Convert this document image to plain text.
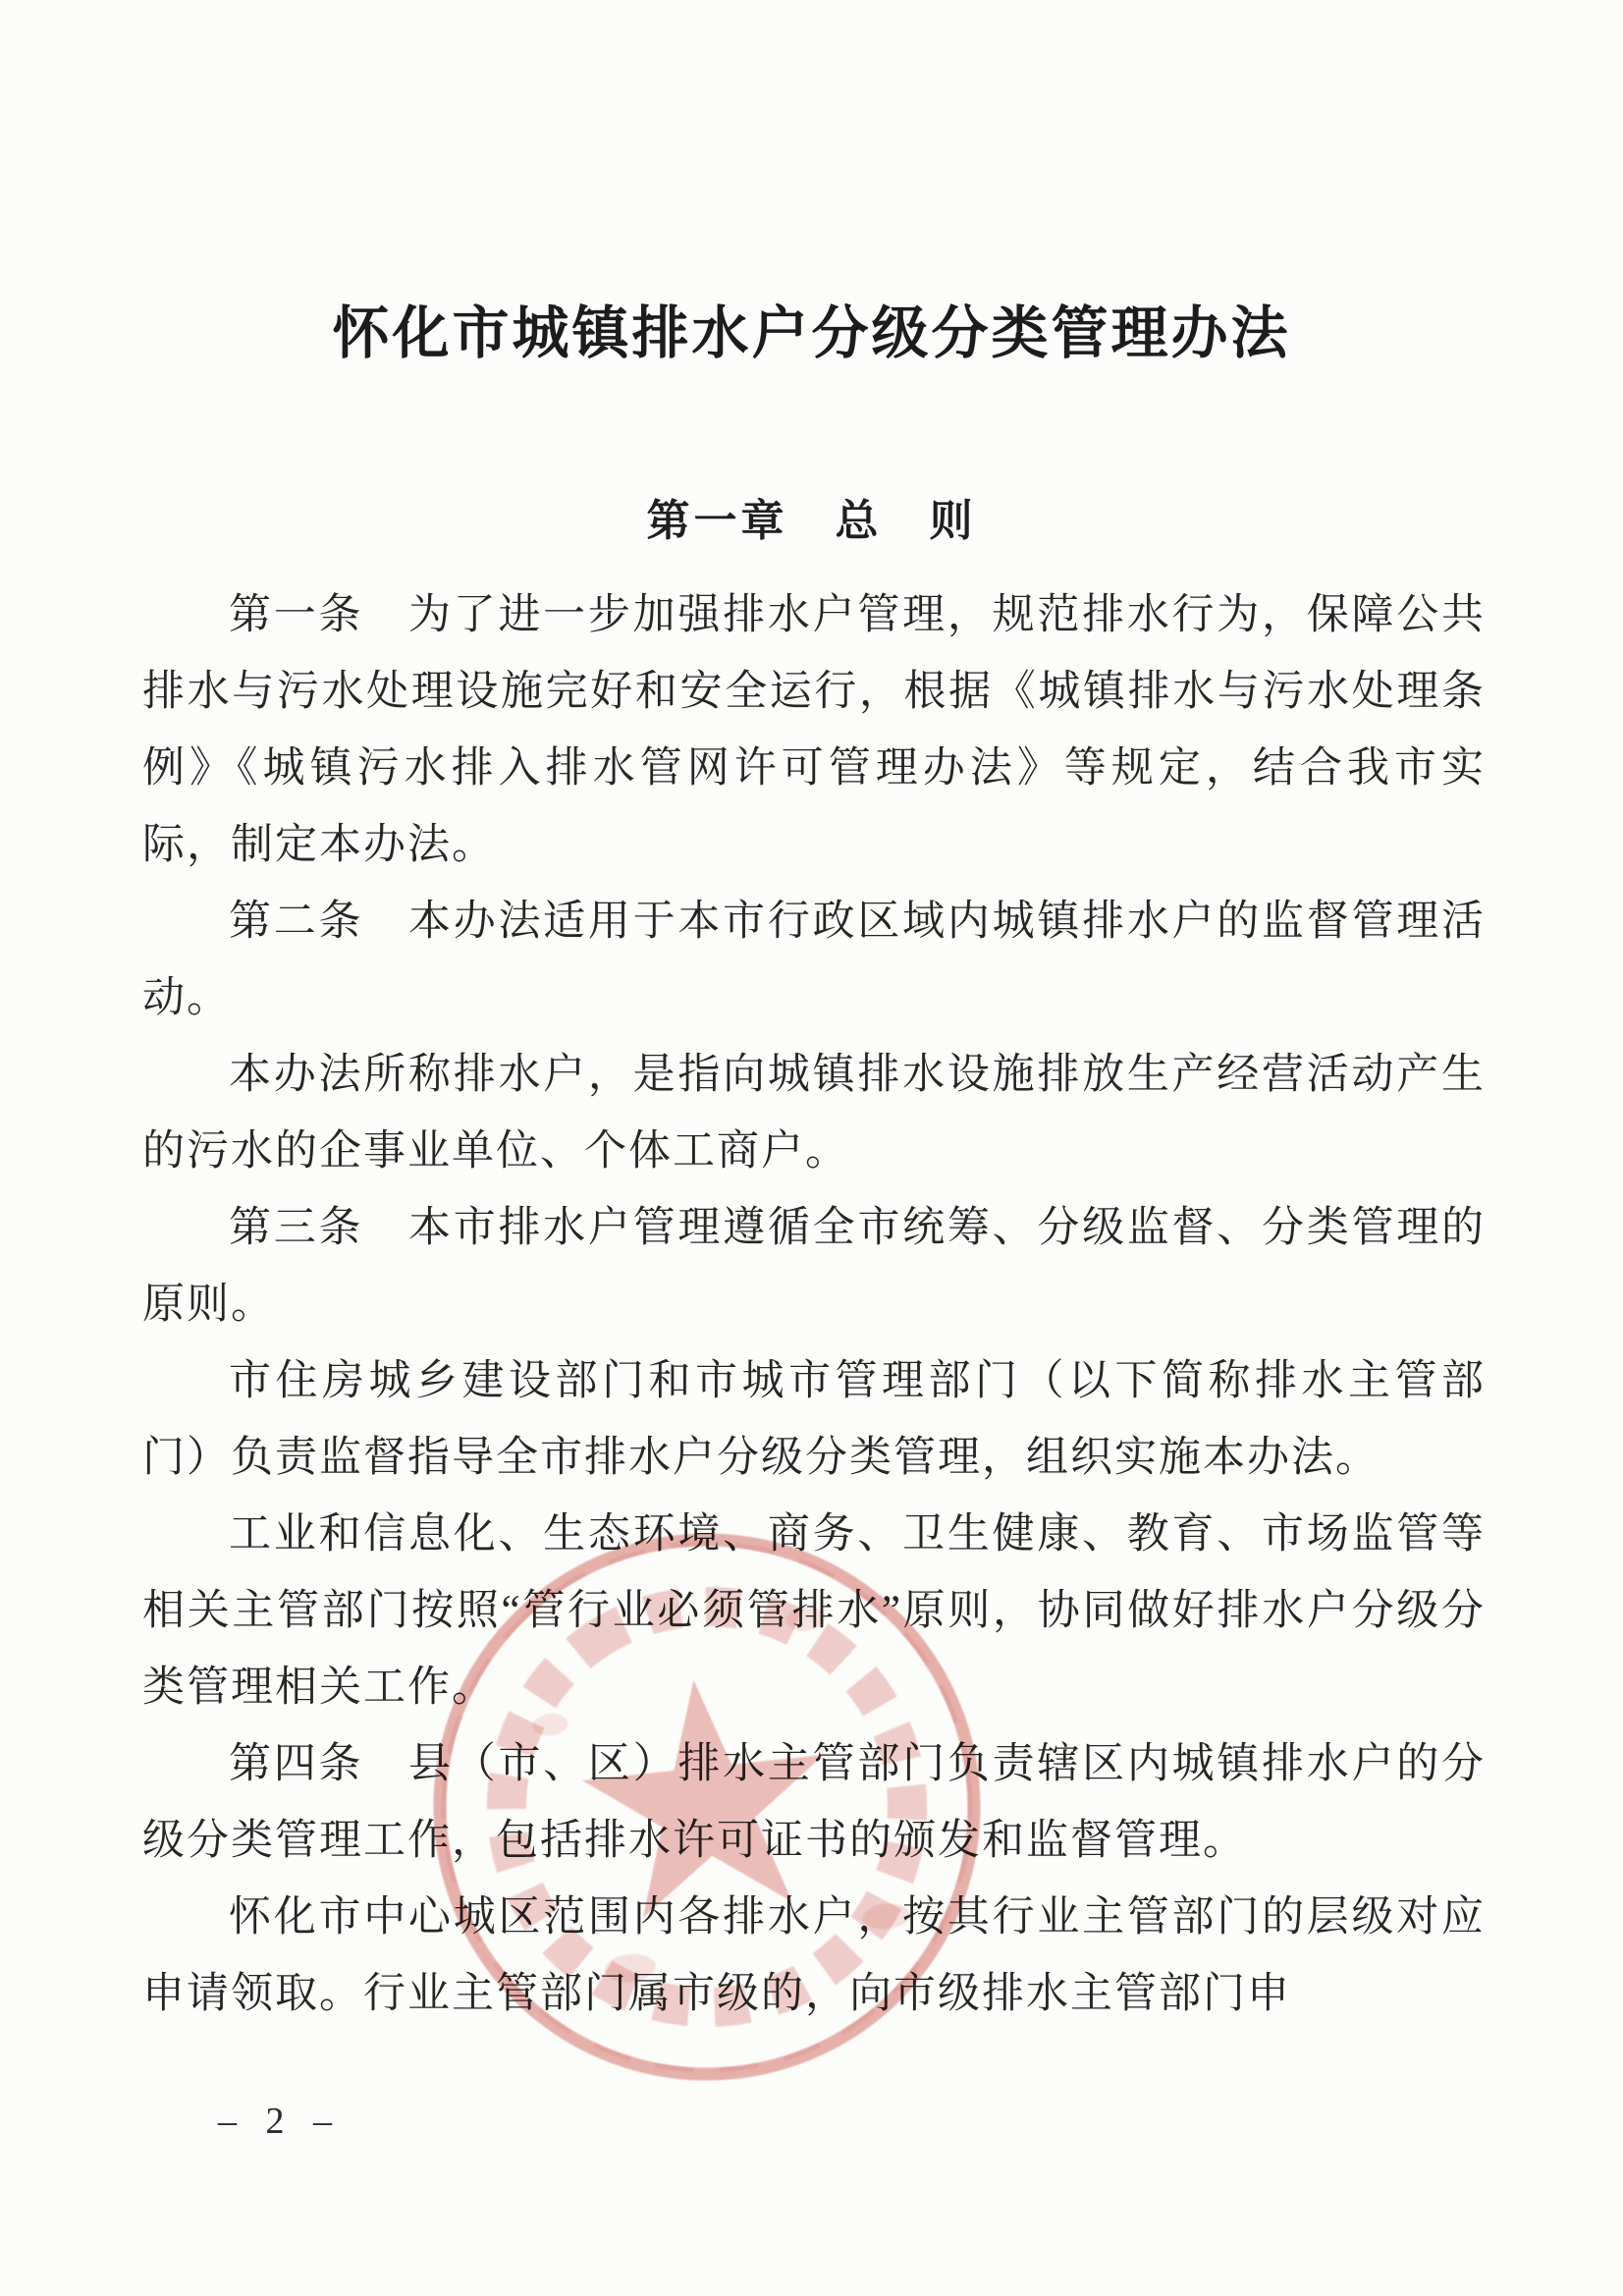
怀化市城镇排水户分级分类管理办法
第一章　总　则

第一条　为了进一步加强排水户管理，规范排水行为，保障公共排水与污水处理设施完好和安全运行，根据《城镇排水与污水处理条例》《城镇污水排入排水管网许可管理办法》等规定，结合我市实际，制定本办法。

第二条　本办法适用于本市行政区域内城镇排水户的监督管理活动。

本办法所称排水户，是指向城镇排水设施排放生产经营活动产生的污水的企事业单位、个体工商户。

第三条　本市排水户管理遵循全市统筹、分级监督、分类管理的原则。

市住房城乡建设部门和市城市管理部门（以下简称排水主管部门）负责监督指导全市排水户分级分类管理，组织实施本办法。

工业和信息化、生态环境、商务、卫生健康、教育、市场监管等相关主管部门按照“管行业必须管排水”原则，协同做好排水户分级分类管理相关工作。

第四条　县（市、区）排水主管部门负责辖区内城镇排水户的分级分类管理工作，包括排水许可证书的颁发和监督管理。

怀化市中心城区范围内各排水户，按其行业主管部门的层级对应申请领取。行业主管部门属市级的，向市级排水主管部门申

– 2 –
